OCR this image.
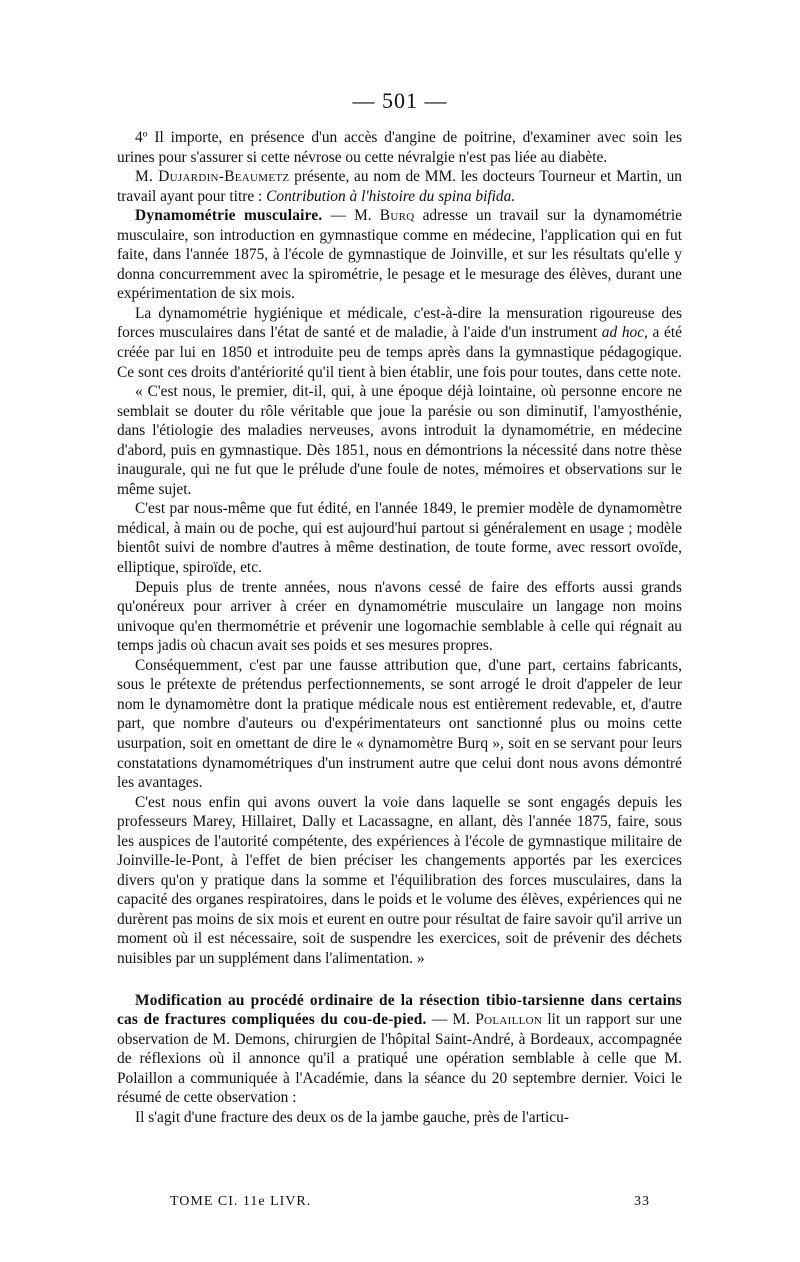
— 501 —

4º Il importe, en présence d'un accès d'angine de poitrine, d'examiner avec soin les urines pour s'assurer si cette névrose ou cette névralgie n'est pas liée au diabète.

M. Dujardin-Beaumetz présente, au nom de MM. les docteurs Tourneur et Martin, un travail ayant pour titre : Contribution à l'histoire du spina bifida.

Dynamométrie musculaire. — M. Burq adresse un travail sur la dynamométrie musculaire, son introduction en gymnastique comme en médecine, l'application qui en fut faite, dans l'année 1875, à l'école de gymnastique de Joinville, et sur les résultats qu'elle y donna concurremment avec la spirométrie, le pesage et le mesurage des élèves, durant une expérimentation de six mois.

La dynamométrie hygiénique et médicale, c'est-à-dire la mensuration rigoureuse des forces musculaires dans l'état de santé et de maladie, à l'aide d'un instrument ad hoc, a été créée par lui en 1850 et introduite peu de temps après dans la gymnastique pédagogique. Ce sont ces droits d'antériorité qu'il tient à bien établir, une fois pour toutes, dans cette note.

« C'est nous, le premier, dit-il, qui, à une époque déjà lointaine, où personne encore ne semblait se douter du rôle véritable que joue la parésie ou son diminutif, l'amyosthénie, dans l'étiologie des maladies nerveuses, avons introduit la dynamométrie, en médecine d'abord, puis en gymnastique. Dès 1851, nous en démontrions la nécessité dans notre thèse inaugurale, qui ne fut que le prélude d'une foule de notes, mémoires et observations sur le même sujet.

C'est par nous-même que fut édité, en l'année 1849, le premier modèle de dynamomètre médical, à main ou de poche, qui est aujourd'hui partout si généralement en usage ; modèle bientôt suivi de nombre d'autres à même destination, de toute forme, avec ressort ovoïde, elliptique, spiroïde, etc.

Depuis plus de trente années, nous n'avons cessé de faire des efforts aussi grands qu'onéreux pour arriver à créer en dynamométrie musculaire un langage non moins univoque qu'en thermométrie et prévenir une logomachie semblable à celle qui régnait au temps jadis où chacun avait ses poids et ses mesures propres.

Conséquemment, c'est par une fausse attribution que, d'une part, certains fabricants, sous le prétexte de prétendus perfectionnements, se sont arrogé le droit d'appeler de leur nom le dynamomètre dont la pratique médicale nous est entièrement redevable, et, d'autre part, que nombre d'auteurs ou d'expérimentateurs ont sanctionné plus ou moins cette usurpation, soit en omettant de dire le « dynamomètre Burq », soit en se servant pour leurs constatations dynamométriques d'un instrument autre que celui dont nous avons démontré les avantages.

C'est nous enfin qui avons ouvert la voie dans laquelle se sont engagés depuis les professeurs Marey, Hillairet, Dally et Lacassagne, en allant, dès l'année 1875, faire, sous les auspices de l'autorité compétente, des expériences à l'école de gymnastique militaire de Joinville-le-Pont, à l'effet de bien préciser les changements apportés par les exercices divers qu'on y pratique dans la somme et l'équilibration des forces musculaires, dans la capacité des organes respiratoires, dans le poids et le volume des élèves, expériences qui ne durèrent pas moins de six mois et eurent en outre pour résultat de faire savoir qu'il arrive un moment où il est nécessaire, soit de suspendre les exercices, soit de prévenir des déchets nuisibles par un supplément dans l'alimentation. »

Modification au procédé ordinaire de la résection tibio-tarsienne dans certains cas de fractures compliquées du cou-de-pied. — M. Polaillon lit un rapport sur une observation de M. Demons, chirurgien de l'hôpital Saint-André, à Bordeaux, accompagnée de réflexions où il annonce qu'il a pratiqué une opération semblable à celle que M. Polaillon a communiquée à l'Académie, dans la séance du 20 septembre dernier. Voici le résumé de cette observation :

Il s'agit d'une fracture des deux os de la jambe gauche, près de l'articu-

TOME CI. 11e LIVR.	33
